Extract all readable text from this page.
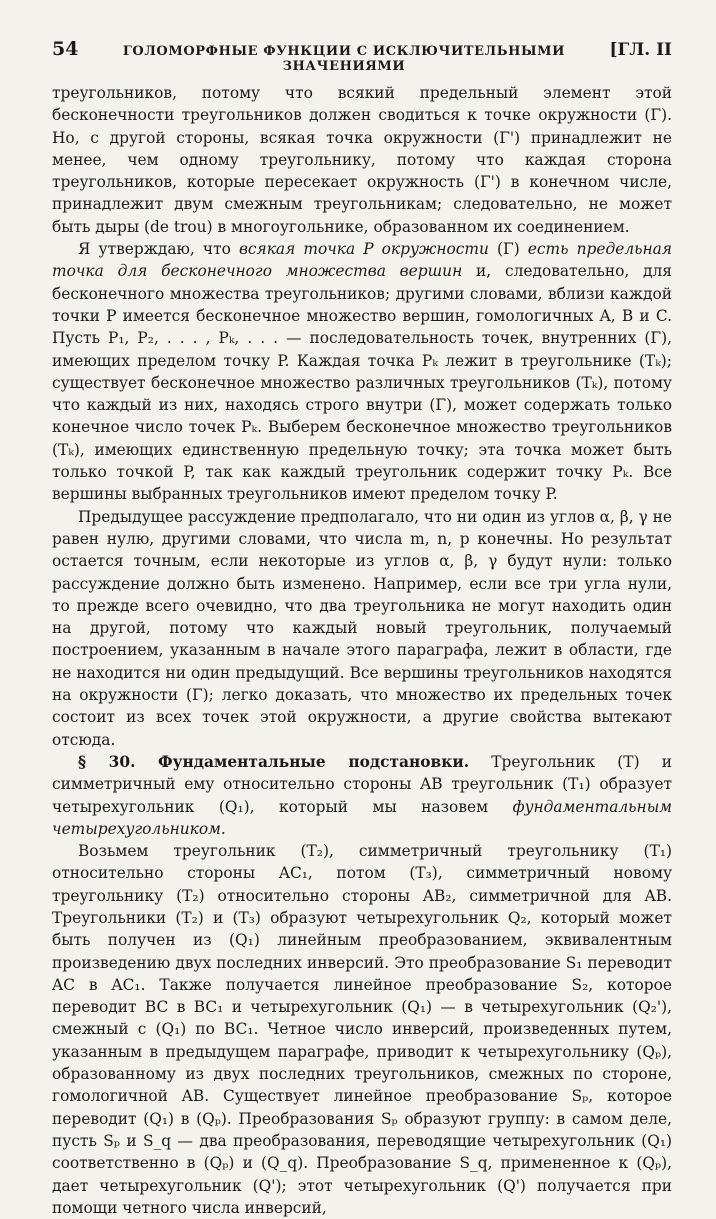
54	ГОЛОМОРФНЫЕ ФУНКЦИИ С ИСКЛЮЧИТЕЛЬНЫМИ ЗНАЧЕНИЯМИ
[ГЛ. II

треугольников, потому что всякий предельный элемент этой бесконечности треугольников должен сводиться к точке окружности (Γ). Но, с другой стороны, всякая точка окружности (Γ') принадлежит не менее, чем одному треугольнику, потому что каждая сторона треугольников, которые пересекает окружность (Γ') в конечном числе, принадлежит двум смежным треугольникам; следовательно, не может быть дыры (de trou) в многоугольнике, образованном их соединением.

Я утверждаю, что всякая точка P окружности (Γ) есть предельная точка для бесконечного множества вершин и, следовательно, для бесконечного множества треугольников; другими словами, вблизи каждой точки P имеется бесконечное множество вершин, гомологичных A, B и C. Пусть P₁, P₂, . . . , Pₖ, . . . — последовательность точек, внутренних (Γ), имеющих пределом точку P. Каждая точка Pₖ лежит в треугольнике (Tₖ); существует бесконечное множество различных треугольников (Tₖ), потому что каждый из них, находясь строго внутри (Γ), может содержать только конечное число точек Pₖ. Выберем бесконечное множество треугольников (Tₖ), имеющих единственную предельную точку; эта точка может быть только точкой P, так как каждый треугольник содержит точку Pₖ. Все вершины выбранных треугольников имеют пределом точку P.

Предыдущее рассуждение предполагало, что ни один из углов α, β, γ не равен нулю, другими словами, что числа m, n, p конечны. Но результат остается точным, если некоторые из углов α, β, γ будут нули: только рассуждение должно быть изменено. Например, если все три угла нули, то прежде всего очевидно, что два треугольника не могут находить один на другой, потому что каждый новый треугольник, получаемый построением, указанным в начале этого параграфа, лежит в области, где не находится ни один предыдущий. Все вершины треугольников находятся на окружности (Γ); легко доказать, что множество их предельных точек состоит из всех точек этой окружности, а другие свойства вытекают отсюда.

§ 30. Фундаментальные подстановки. Треугольник (T) и симметричный ему относительно стороны AB треугольник (T₁) образует четырехугольник (Q₁), который мы назовем фундаментальным четырехугольником.

Возьмем треугольник (T₂), симметричный треугольнику (T₁) относительно стороны AC₁, потом (T₃), симметричный новому треугольнику (T₂) относительно стороны AB₂, симметричной для AB. Треугольники (T₂) и (T₃) образуют четырехугольник Q₂, который может быть получен из (Q₁) линейным преобразованием, эквивалентным произведению двух последних инверсий. Это преобразование S₁ переводит AC в AC₁. Также получается линейное преобразование S₂, которое переводит BC в BC₁ и четырехугольник (Q₁) — в четырехугольник (Q₂'), смежный с (Q₁) по BC₁. Четное число инверсий, произведенных путем, указанным в предыдущем параграфе, приводит к четырехугольнику (Qₚ), образованному из двух последних треугольников, смежных по стороне, гомологичной AB. Существует линейное преобразование Sₚ, которое переводит (Q₁) в (Qₚ). Преобразования Sₚ образуют группу: в самом деле, пусть Sₚ и S_q — два преобразования, переводящие четырехугольник (Q₁) соответственно в (Qₚ) и (Q_q). Преобразование S_q, примененное к (Qₚ), дает четырехугольник (Q'); этот четырехугольник (Q') получается при помощи четного числа инверсий,
